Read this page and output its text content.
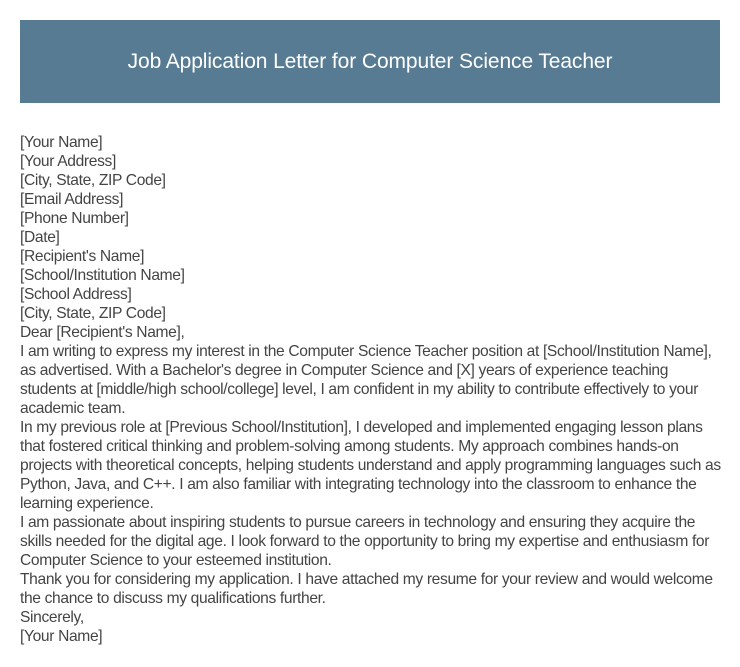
Job Application Letter for Computer Science Teacher
[Your Name]
[Your Address]
[City, State, ZIP Code]
[Email Address]
[Phone Number]
[Date]
[Recipient's Name]
[School/Institution Name]
[School Address]
[City, State, ZIP Code]
Dear [Recipient's Name],
I am writing to express my interest in the Computer Science Teacher position at [School/Institution Name], as advertised. With a Bachelor's degree in Computer Science and [X] years of experience teaching students at [middle/high school/college] level, I am confident in my ability to contribute effectively to your academic team.
In my previous role at [Previous School/Institution], I developed and implemented engaging lesson plans that fostered critical thinking and problem-solving among students. My approach combines hands-on projects with theoretical concepts, helping students understand and apply programming languages such as Python, Java, and C++. I am also familiar with integrating technology into the classroom to enhance the learning experience.
I am passionate about inspiring students to pursue careers in technology and ensuring they acquire the skills needed for the digital age. I look forward to the opportunity to bring my expertise and enthusiasm for Computer Science to your esteemed institution.
Thank you for considering my application. I have attached my resume for your review and would welcome the chance to discuss my qualifications further.
Sincerely,
[Your Name]
